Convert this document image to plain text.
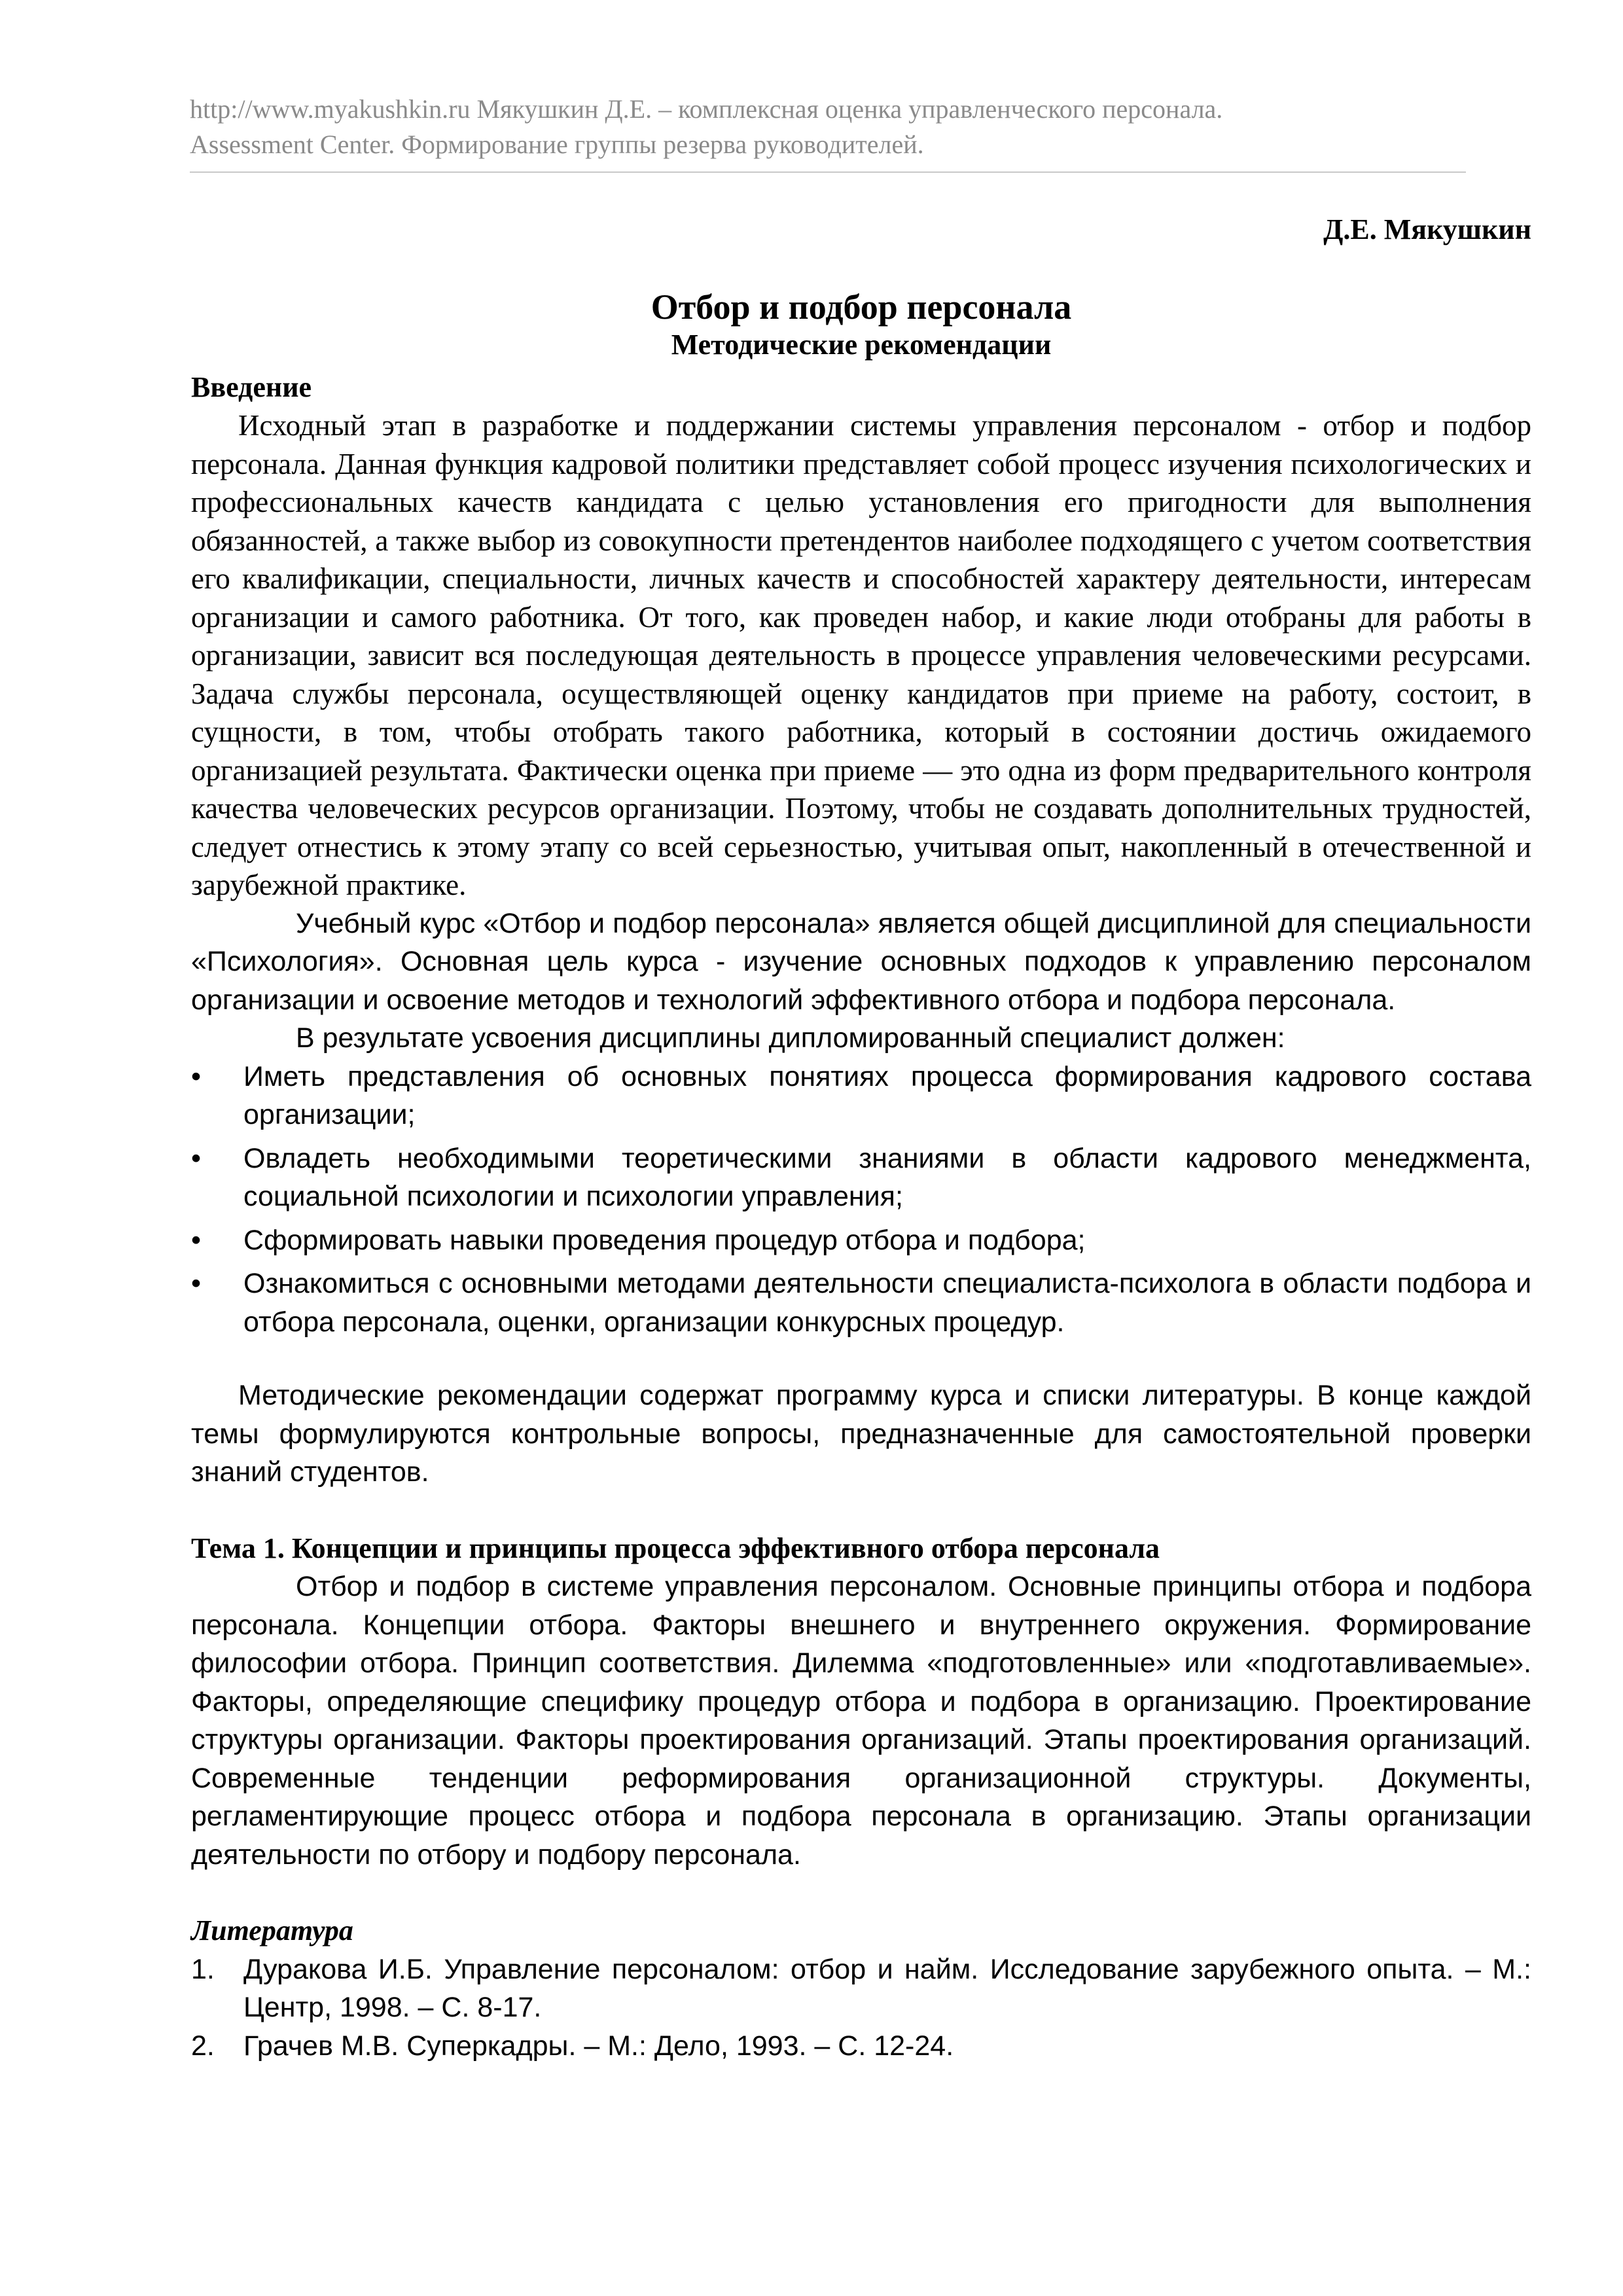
http://www.myakushkin.ru Мякушкин Д.Е. – комплексная оценка управленческого персонала.
Assessment Center. Формирование группы резерва руководителей.
Д.Е. Мякушкин
Отбор и подбор персонала
Методические рекомендации
Введение

Исходный этап в разработке и поддержании системы управления персоналом - отбор и подбор персонала. Данная функция кадровой политики представляет собой процесс изучения психологических и профессиональных качеств кандидата с целью установления его пригодности для выполнения обязанностей, а также выбор из совокупности претендентов наиболее подходящего с учетом соответствия его квалификации, специальности, личных качеств и способностей характеру деятельности, интересам организации и самого работника. От того, как проведен набор, и какие люди отобраны для работы в организации, зависит вся последующая деятельность в процессе управления человеческими ресурсами. Задача службы персонала, осуществляющей оценку кандидатов при приеме на работу, состоит, в сущности, в том, чтобы отобрать такого работника, который в состоянии достичь ожидаемого организацией результата. Фактически оценка при приеме — это одна из форм предварительного контроля качества человеческих ресурсов организации. Поэтому, чтобы не создавать дополнительных трудностей, следует отнестись к этому этапу со всей серьезностью, учитывая опыт, накопленный в отечественной и зарубежной практике.

Учебный курс «Отбор и подбор персонала» является общей дисциплиной для специальности «Психология». Основная цель курса - изучение основных подходов к управлению персоналом организации и освоение методов и технологий эффективного отбора и подбора персонала.

В результате усвоения дисциплины дипломированный специалист должен:

• Иметь представления об основных понятиях процесса формирования кадрового состава организации;
• Овладеть необходимыми теоретическими знаниями в области кадрового менеджмента, социальной психологии и психологии управления;
• Сформировать навыки проведения процедур отбора и подбора;
• Ознакомиться с основными методами деятельности специалиста-психолога в области подбора и отбора персонала, оценки, организации конкурсных процедур.

Методические рекомендации содержат программу курса и списки литературы. В конце каждой темы формулируются контрольные вопросы, предназначенные для самостоятельной проверки знаний студентов.

Тема 1. Концепции и принципы процесса эффективного отбора персонала

Отбор и подбор в системе управления персоналом. Основные принципы отбора и подбора персонала. Концепции отбора. Факторы внешнего и внутреннего окружения. Формирование философии отбора. Принцип соответствия. Дилемма «подготовленные» или «подготавливаемые». Факторы, определяющие специфику процедур отбора и подбора в организацию. Проектирование структуры организации. Факторы проектирования организаций. Этапы проектирования организаций. Современные тенденции реформирования организационной структуры. Документы, регламентирующие процесс отбора и подбора персонала в организацию. Этапы организации деятельности по отбору и подбору персонала.

Литература
1. Дуракова И.Б. Управление персоналом: отбор и найм. Исследование зарубежного опыта. – М.: Центр, 1998. – С. 8-17.
2. Грачев М.В. Суперкадры. – М.: Дело, 1993. – С. 12-24.
